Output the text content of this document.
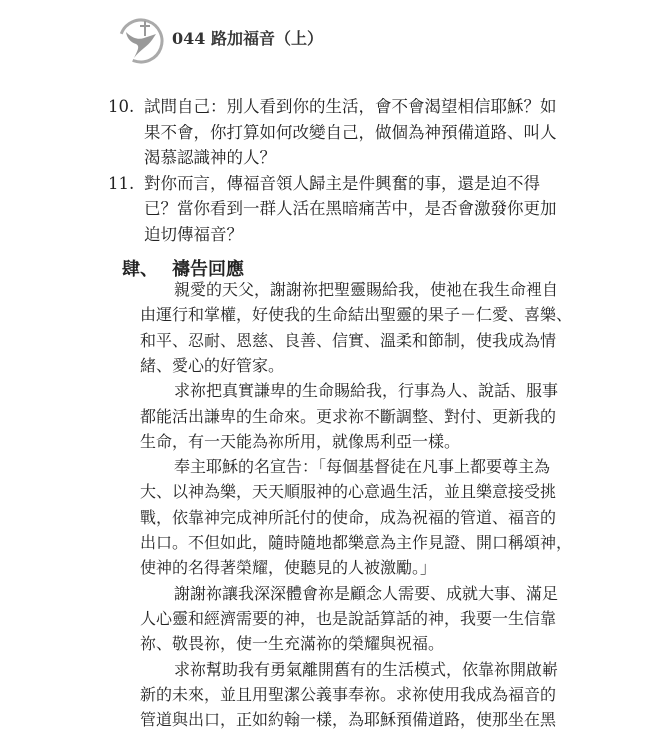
044 路加福音（上）
10. 試問自己：別人看到你的生活，會不會渴望相信耶穌？如
果不會，你打算如何改變自己，做個為神預備道路、叫人
渴慕認識神的人？
11. 對你而言，傳福音領人歸主是件興奮的事，還是迫不得
已？當你看到一群人活在黑暗痛苦中，是否會激發你更加
迫切傳福音？
肆、 禱告回應
親愛的天父，謝謝祢把聖靈賜給我，使祂在我生命裡自
由運行和掌權，好使我的生命結出聖靈的果子－仁愛、喜樂、
和平、忍耐、恩慈、良善、信實、溫柔和節制，使我成為情
緒、愛心的好管家。
求祢把真實謙卑的生命賜給我，行事為人、說話、服事
都能活出謙卑的生命來。更求祢不斷調整、對付、更新我的
生命，有一天能為祢所用，就像馬利亞一樣。
奉主耶穌的名宣告：「每個基督徒在凡事上都要尊主為
大、以神為樂，天天順服神的心意過生活，並且樂意接受挑
戰，依靠神完成神所託付的使命，成為祝福的管道、福音的
出口。不但如此，隨時隨地都樂意為主作見證、開口稱頌神，
使神的名得著榮耀，使聽見的人被激勵。」
謝謝祢讓我深深體會祢是顧念人需要、成就大事、滿足
人心靈和經濟需要的神，也是說話算話的神，我要一生信靠
祢、敬畏祢，使一生充滿祢的榮耀與祝福。
求祢幫助我有勇氣離開舊有的生活模式，依靠祢開啟嶄
新的未來，並且用聖潔公義事奉祢。求祢使用我成為福音的
管道與出口，正如約翰一樣，為耶穌預備道路，使那坐在黑
